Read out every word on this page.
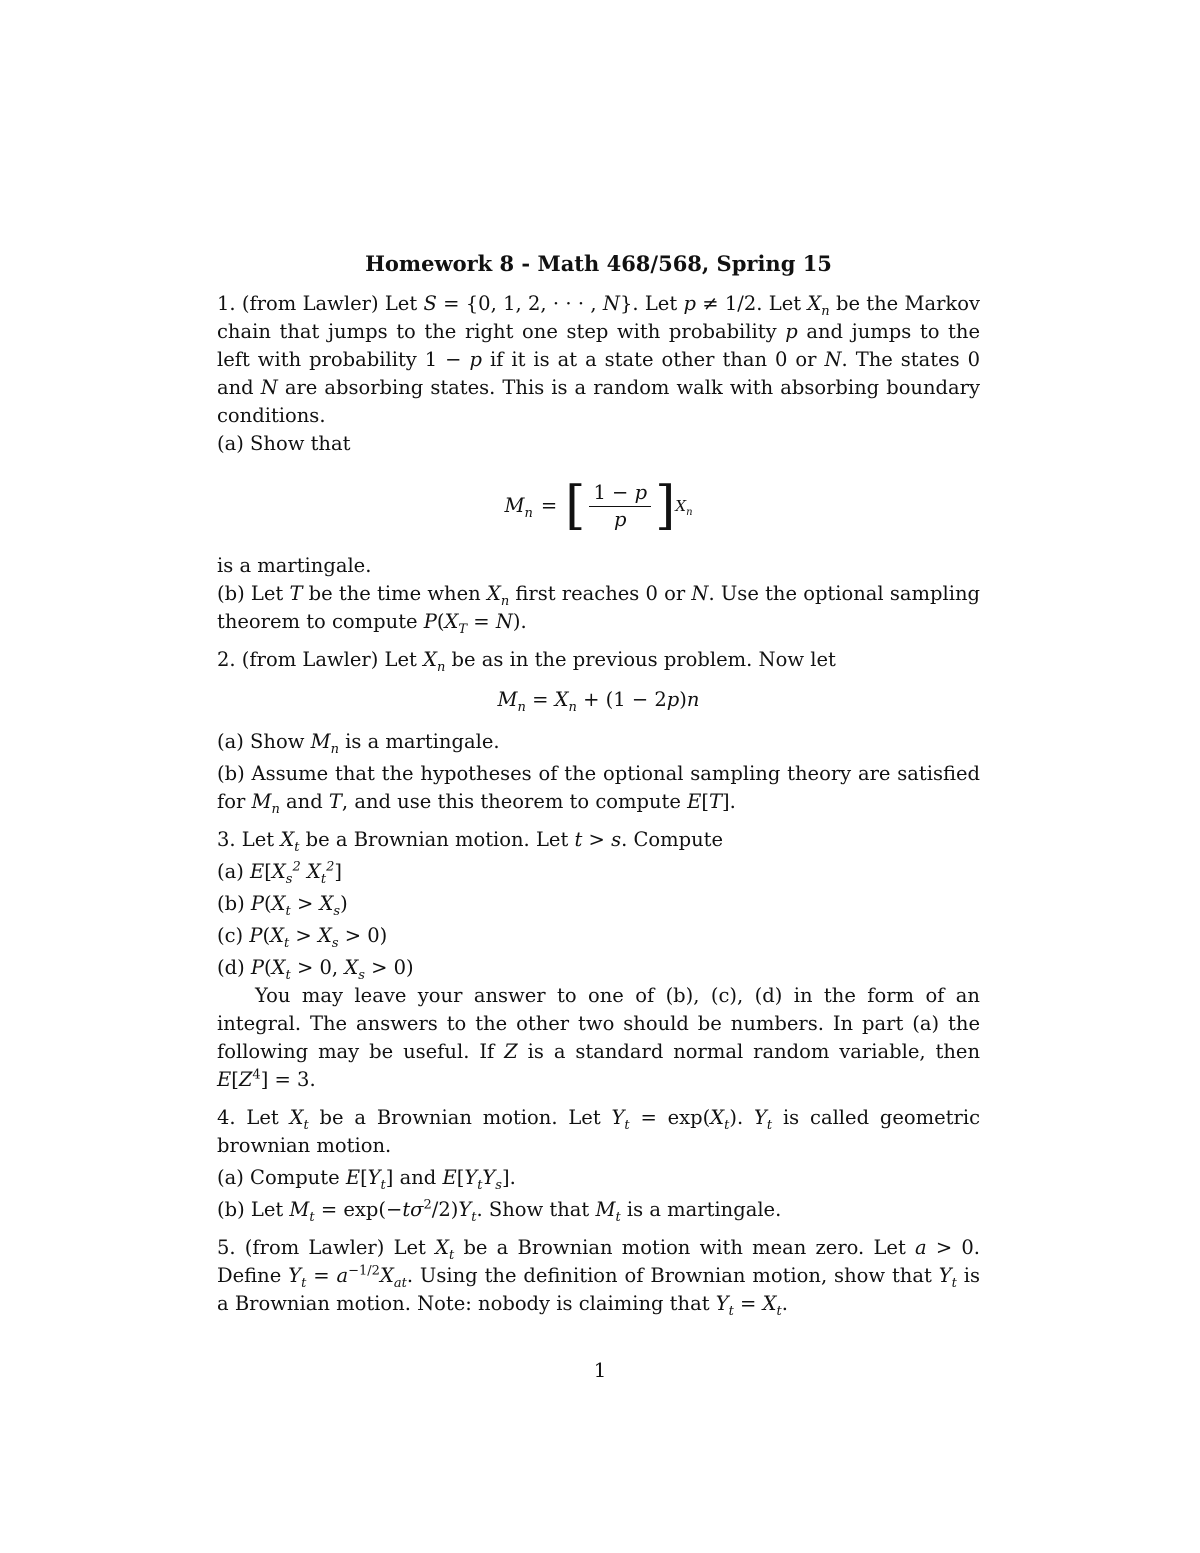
Homework 8 - Math 468/568, Spring 15

1. (from Lawler) Let S = {0, 1, 2, · · · , N}. Let p ≠ 1/2. Let $X_n$ be the Markov chain that jumps to the right one step with probability p and jumps to the left with probability 1 − p if it is at a state other than 0 or N. The states 0 and N are absorbing states. This is a random walk with absorbing boundary conditions.

(a) Show that
$M_n$ = [ $\frac{1 - p}{p}$ ] $X_n$
is a martingale.

(b) Let T be the time when $X_n$ first reaches 0 or N. Use the optional sampling theorem to compute $P(X_T = N)$.

2. (from Lawler) Let $X_n$ be as in the previous problem. Now let

$M_n = X_n + (1 - 2p)n$

(a) Show $M_n$ is a martingale.

(b) Assume that the hypotheses of the optional sampling theory are satisfied for $M_n$ and T, and use this theorem to compute E[T].

3. Let $X_t$ be a Brownian motion. Let t > s. Compute

(a) $E[X_s^2$ $X_t^2$]
(b) $P(X_t > X_s)$
(c) $P(X_t > X_s > 0)$
(d) $P(X_t > 0$, $X_s > 0$)

You may leave your answer to one of (b), (c), (d) in the form of an integral. The answers to the other two should be numbers. In part (a) the following may be useful. If Z is a standard normal random variable, then $E[Z^4] = 3$.

4. Let $X_t$ be a Brownian motion. Let $Y_t = \exp(X_t)$. $Y_t$ is called geometric brownian motion.

(a) Compute $E[Y_t]$ and $E[Y_tY_s]$.

(b) Let $M_t = \exp(-t\sigma^2/2)Y_t$. Show that $M_t$ is a martingale.

5. (from Lawler) Let $X_t$ be a Brownian motion with mean zero. Let a > 0. Define $Y_t = a^{-1/2}X_{at}$. Using the definition of Brownian motion, show that $Y_t$ is a Brownian motion. Note: nobody is claiming that $Y_t = X_t$.

1
